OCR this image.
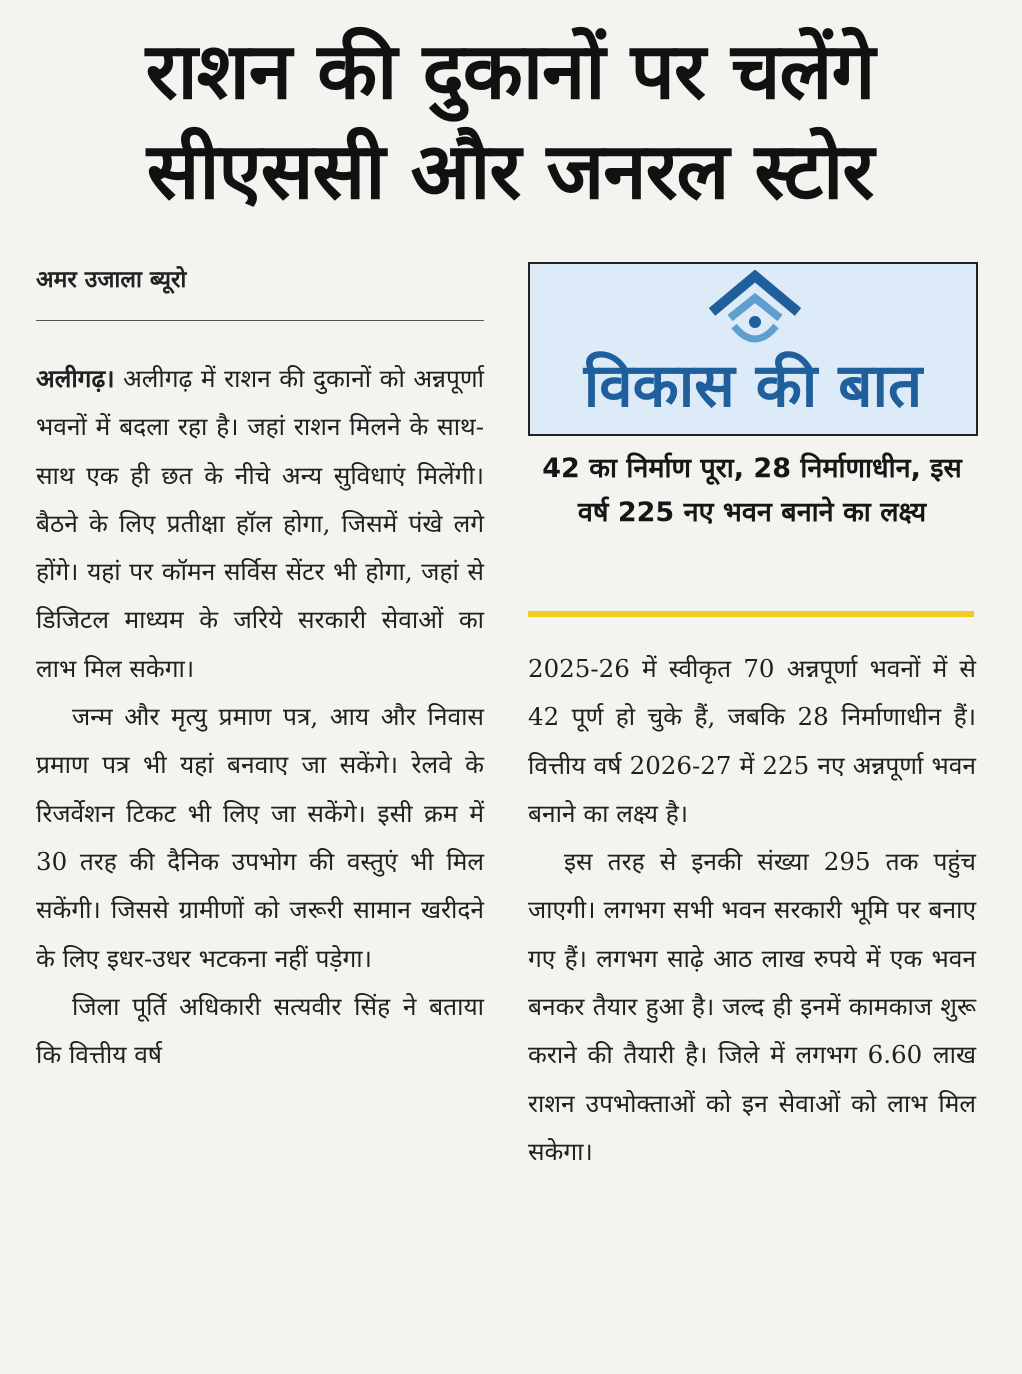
राशन की दुकानों पर चलेंगे
सीएससी और जनरल स्टोर
अमर उजाला ब्यूरो

अलीगढ़। अलीगढ़ में राशन की दुकानों को अन्नपूर्णा भवनों में बदला रहा है। जहां राशन मिलने के साथ-साथ एक ही छत के नीचे अन्य सुविधाएं मिलेंगी। बैठने के लिए प्रतीक्षा हॉल होगा, जिसमें पंखे लगे होंगे। यहां पर कॉमन सर्विस सेंटर भी होगा, जहां से डिजिटल माध्यम के जरिये सरकारी सेवाओं का लाभ मिल सकेगा।

जन्म और मृत्यु प्रमाण पत्र, आय और निवास प्रमाण पत्र भी यहां बनवाए जा सकेंगे। रेलवे के रिजर्वेशन टिकट भी लिए जा सकेंगे। इसी क्रम में 30 तरह की दैनिक उपभोग की वस्तुएं भी मिल सकेंगी। जिससे ग्रामीणों को जरूरी सामान खरीदने के लिए इधर-उधर भटकना नहीं पड़ेगा।

जिला पूर्ति अधिकारी सत्यवीर सिंह ने बताया कि वित्तीय वर्ष

विकास की बात
42 का निर्माण पूरा, 28 निर्माणाधीन, इस वर्ष 225 नए भवन बनाने का लक्ष्य

2025-26 में स्वीकृत 70 अन्नपूर्णा भवनों में से 42 पूर्ण हो चुके हैं, जबकि 28 निर्माणाधीन हैं। वित्तीय वर्ष 2026-27 में 225 नए अन्नपूर्णा भवन बनाने का लक्ष्य है।

इस तरह से इनकी संख्या 295 तक पहुंच जाएगी। लगभग सभी भवन सरकारी भूमि पर बनाए गए हैं। लगभग साढ़े आठ लाख रुपये में एक भवन बनकर तैयार हुआ है। जल्द ही इनमें कामकाज शुरू कराने की तैयारी है। जिले में लगभग 6.60 लाख राशन उपभोक्ताओं को इन सेवाओं को लाभ मिल सकेगा।
